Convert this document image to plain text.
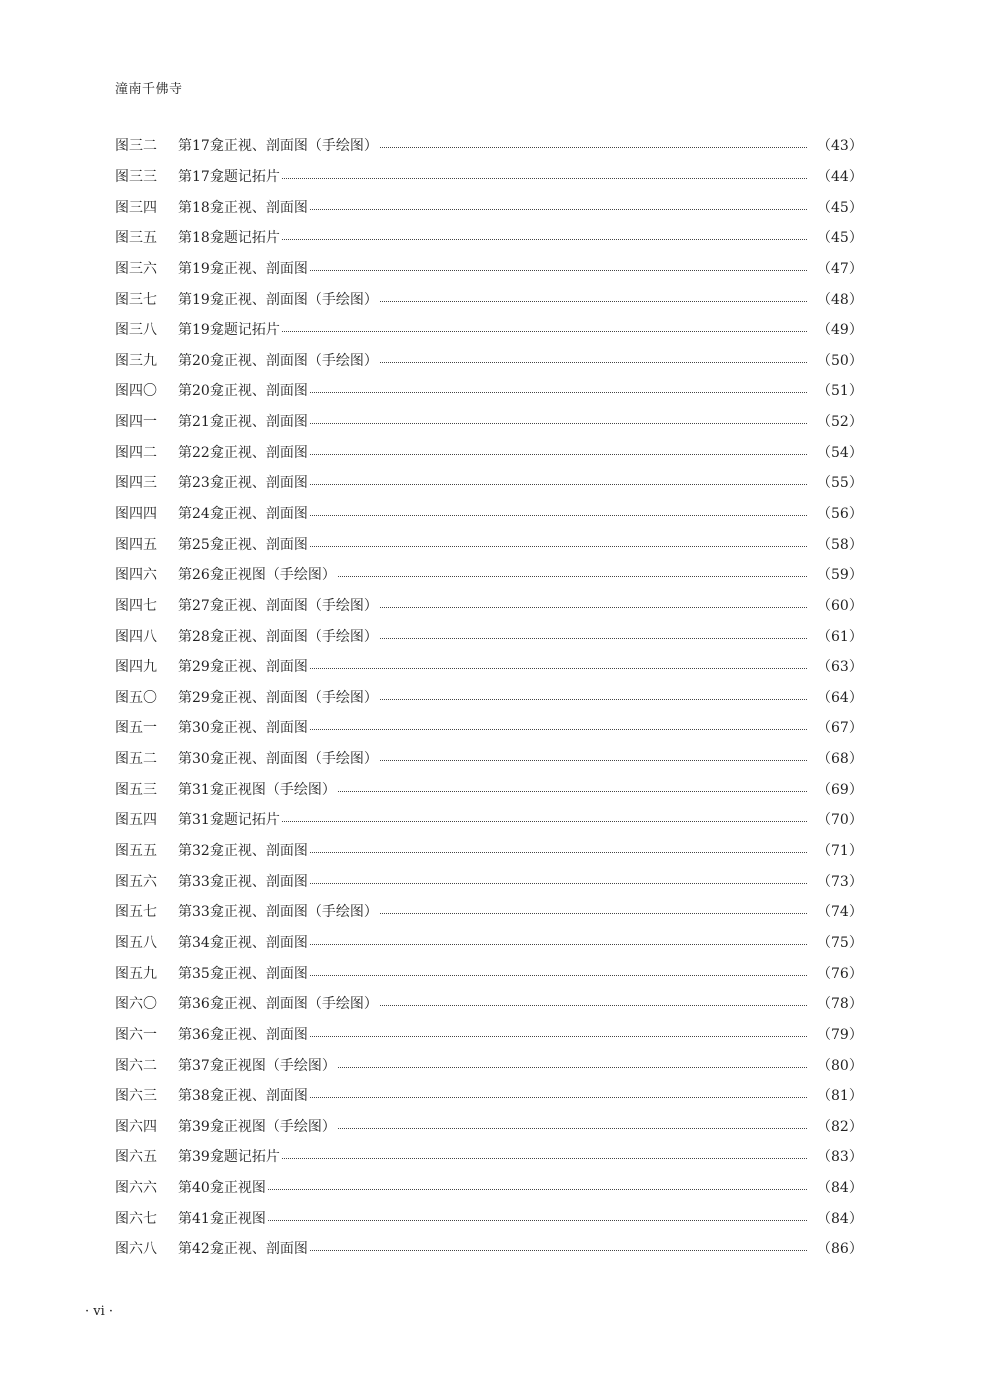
潼南千佛寺
图三二	第17龛正视、剖面图（手绘图）	（43）
图三三	第17龛题记拓片	（44）
图三四	第18龛正视、剖面图	（45）
图三五	第18龛题记拓片	（45）
图三六	第19龛正视、剖面图	（47）
图三七	第19龛正视、剖面图（手绘图）	（48）
图三八	第19龛题记拓片	（49）
图三九	第20龛正视、剖面图（手绘图）	（50）
图四〇	第20龛正视、剖面图	（51）
图四一	第21龛正视、剖面图	（52）
图四二	第22龛正视、剖面图	（54）
图四三	第23龛正视、剖面图	（55）
图四四	第24龛正视、剖面图	（56）
图四五	第25龛正视、剖面图	（58）
图四六	第26龛正视图（手绘图）	（59）
图四七	第27龛正视、剖面图（手绘图）	（60）
图四八	第28龛正视、剖面图（手绘图）	（61）
图四九	第29龛正视、剖面图	（63）
图五〇	第29龛正视、剖面图（手绘图）	（64）
图五一	第30龛正视、剖面图	（67）
图五二	第30龛正视、剖面图（手绘图）	（68）
图五三	第31龛正视图（手绘图）	（69）
图五四	第31龛题记拓片	（70）
图五五	第32龛正视、剖面图	（71）
图五六	第33龛正视、剖面图	（73）
图五七	第33龛正视、剖面图（手绘图）	（74）
图五八	第34龛正视、剖面图	（75）
图五九	第35龛正视、剖面图	（76）
图六〇	第36龛正视、剖面图（手绘图）	（78）
图六一	第36龛正视、剖面图	（79）
图六二	第37龛正视图（手绘图）	（80）
图六三	第38龛正视、剖面图	（81）
图六四	第39龛正视图（手绘图）	（82）
图六五	第39龛题记拓片	（83）
图六六	第40龛正视图	（84）
图六七	第41龛正视图	（84）
图六八	第42龛正视、剖面图	（86）
· vi ·
